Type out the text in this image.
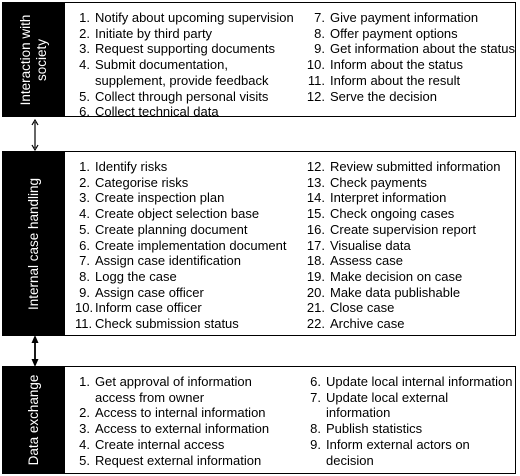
Interaction with
society
1. Notify about upcoming supervision
2. Initiate by third party
3. Request supporting documents
4. Submit documentation,
supplement, provide feedback
5. Collect through personal visits
6. Collect technical data
7. Give payment information
8. Offer payment options
9. Get information about the status
10. Inform about the status
11. Inform about the result
12. Serve the decision
Internal case handling
1. Identify risks
2. Categorise risks
3. Create inspection plan
4. Create object selection base
5. Create planning document
6. Create implementation document
7. Assign case identification
8. Logg the case
9. Assign case officer
10. Inform case officer
11. Check submission status
12. Review submitted information
13. Check payments
14. Interpret information
15. Check ongoing cases
16. Create supervision report
17. Visualise data
18. Assess case
19. Make decision on case
20. Make data publishable
21. Close case
22. Archive case
Data exchange	1. Get approval of information
access from owner
2. Access to internal information
3. Access to external information
4. Create internal access
5. Request external information
6. Update local internal information
7. Update local external
information
8. Publish statistics
9. Inform external actors on
decision
